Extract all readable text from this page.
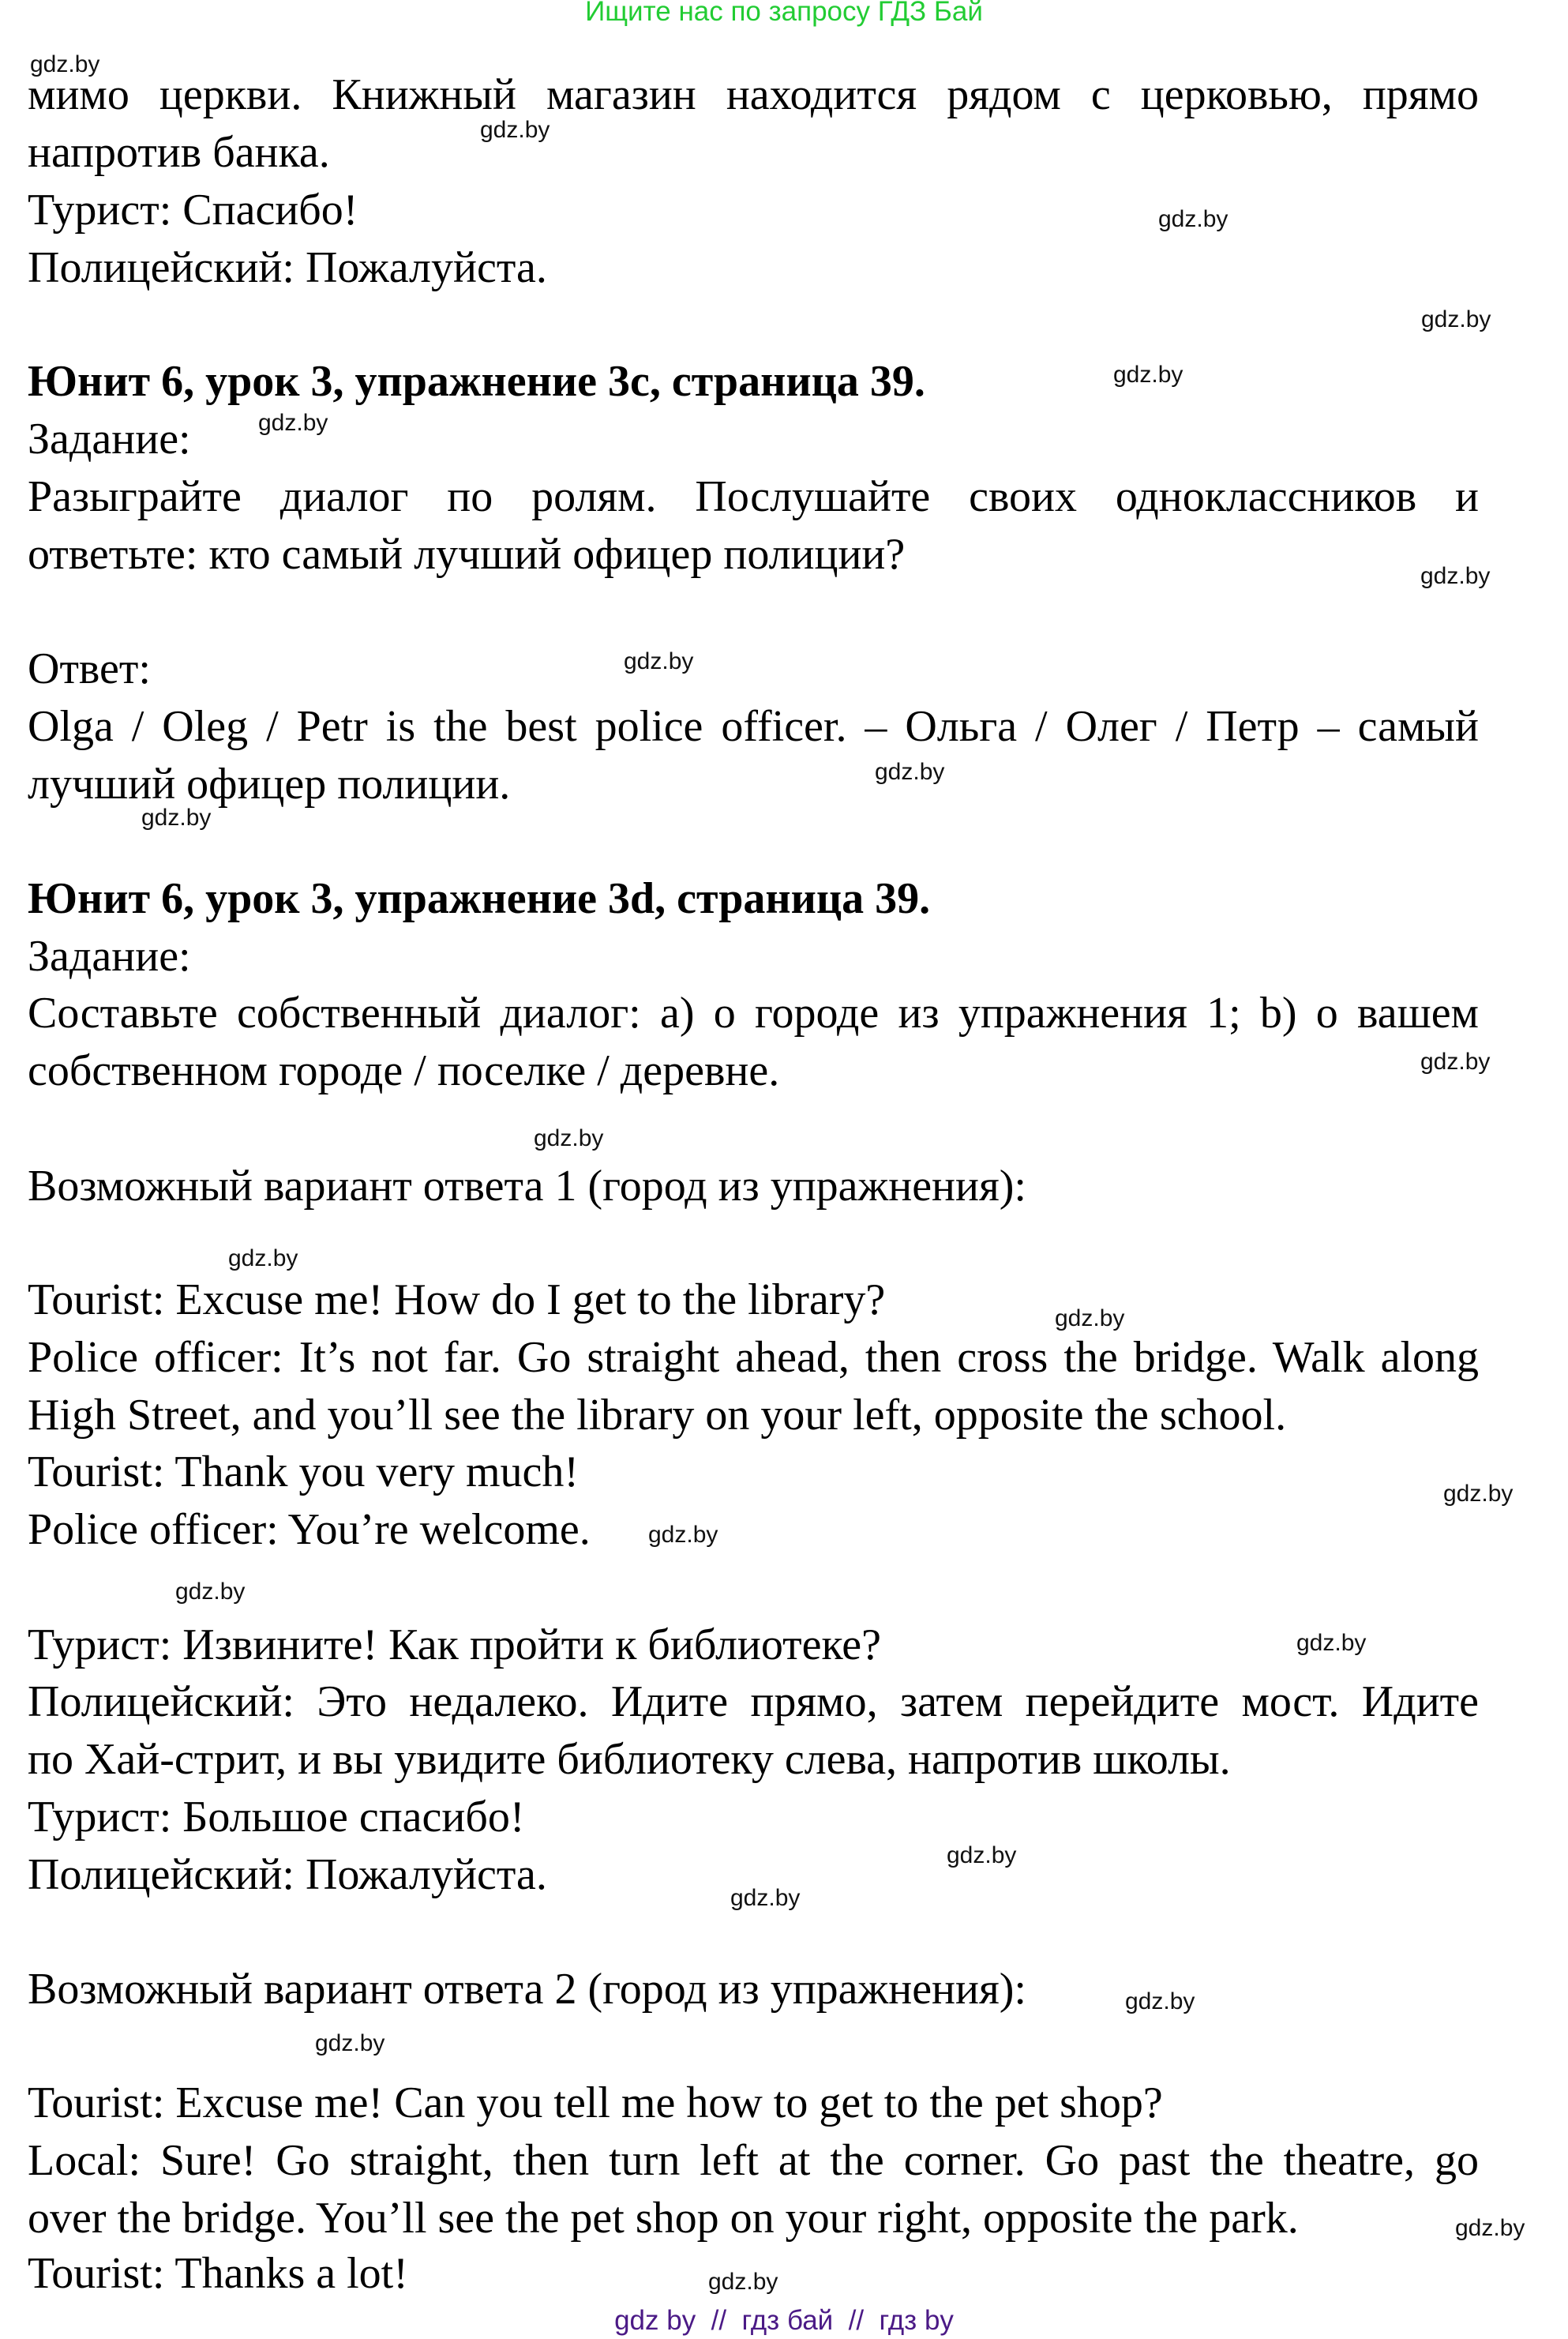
Ищите нас по запросу ГДЗ Бай
мимо церкви. Книжный магазин находится рядом с церковью, прямо
напротив банка.
Турист: Спасибо!
Полицейский: Пожалуйста.
Юнит 6, урок 3, упражнение 3c, страница 39.
Задание:
Разыграйте диалог по ролям. Послушайте своих одноклассников и
ответьте: кто самый лучший офицер полиции?
Ответ:
Olga / Oleg / Petr is the best police officer. – Ольга / Олег / Петр – самый
лучший офицер полиции.
Юнит 6, урок 3, упражнение 3d, страница 39.
Задание:
Составьте собственный диалог: a) о городе из упражнения 1; b) о вашем
собственном городе / поселке / деревне.
Возможный вариант ответа 1 (город из упражнения):
Tourist: Excuse me! How do I get to the library?
Police officer: It’s not far. Go straight ahead, then cross the bridge. Walk along
High Street, and you’ll see the library on your left, opposite the school.
Tourist: Thank you very much!
Police officer: You’re welcome.
Турист: Извините! Как пройти к библиотеке?
Полицейский: Это недалеко. Идите прямо, затем перейдите мост. Идите
по Хай-стрит, и вы увидите библиотеку слева, напротив школы.
Турист: Большое спасибо!
Полицейский: Пожалуйста.
Возможный вариант ответа 2 (город из упражнения):
Tourist: Excuse me! Can you tell me how to get to the pet shop?
Local: Sure! Go straight, then turn left at the corner. Go past the theatre, go
over the bridge. You’ll see the pet shop on your right, opposite the park.
Tourist: Thanks a lot!
gdz.by
gdz.by
gdz.by
gdz.by
gdz.by
gdz.by
gdz.by
gdz.by
gdz.by
gdz.by
gdz.by
gdz.by
gdz.by
gdz.by
gdz.by
gdz.by
gdz.by
gdz.by
gdz.by
gdz.by
gdz.by
gdz.by
gdz.by
gdz.by
gdz by  //  гдз бай  //  гдз by
